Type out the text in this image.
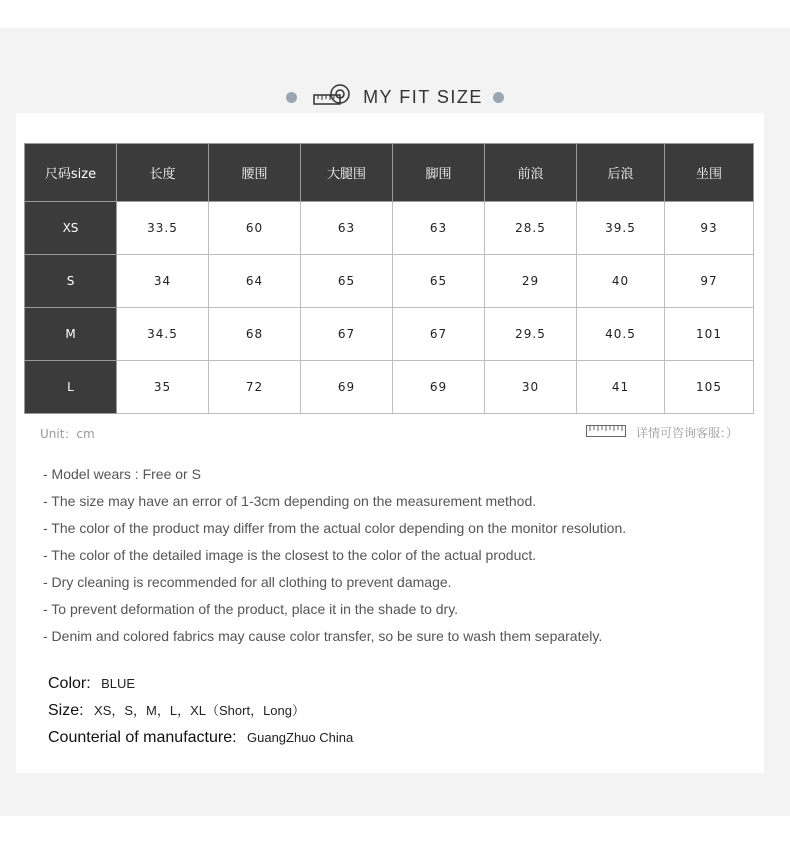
MY FIT SIZE
尺码size	长度	腰围	大腿围	脚围	前浪	后浪	坐围
XS	33.5	60	63	63	28.5	39.5	93
S	34	64	65	65	29	40	97
M	34.5	68	67	67	29.5	40.5	101
L	35	72	69	69	30	41	105
Unit：cm	详情可咨询客服：）
- Model wears : Free or S
- The size may have an error of 1-3cm depending on the measurement method.
- The color of the product may differ from the actual color depending on the monitor resolution.
- The color of the detailed image is the closest to the color of the actual product.
- Dry cleaning is recommended for all clothing to prevent damage.
- To prevent deformation of the product, place it in the shade to dry.
- Denim and colored fabrics may cause color transfer, so be sure to wash them separately.
Color: BLUE
Size: XS，S，M，L，XL（Short，Long）
Counterial of manufacture: GuangZhuo China
